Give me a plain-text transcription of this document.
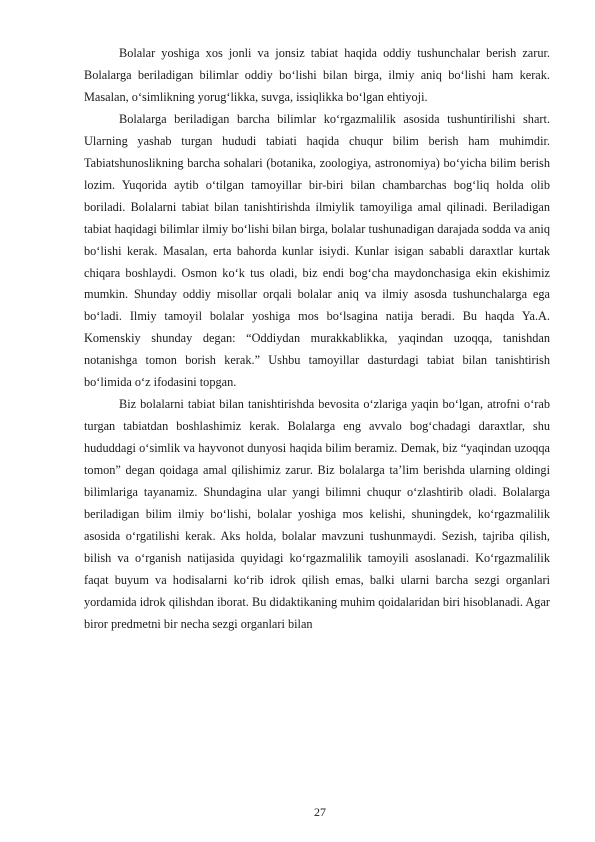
Bolalar yoshiga xos jonli va jonsiz tabiat haqida oddiy tushunchalar berish zarur. Bolalarga beriladigan bilimlar oddiy bo‘lishi bilan birga, ilmiy aniq bo‘lishi ham kerak. Masalan, o‘simlikning yorug‘likka, suvga, issiqlikka bo‘lgan ehtiyoji.

Bolalarga beriladigan barcha bilimlar ko‘rgazmalilik asosida tushuntirilishi shart. Ularning yashab turgan hududi tabiati haqida chuqur bilim berish ham muhimdir. Tabiatshunoslikning barcha sohalari (botanika, zoologiya, astronomiya) bo‘yicha bilim berish lozim. Yuqorida aytib o‘tilgan tamoyillar bir-biri bilan chambarchas bog‘liq holda olib boriladi. Bolalarni tabiat bilan tanishtirishda ilmiylik tamoyiliga amal qilinadi. Beriladigan tabiat haqidagi bilimlar ilmiy bo‘lishi bilan birga, bolalar tushunadigan darajada sodda va aniq bo‘lishi kerak. Masalan, erta bahorda kunlar isiydi. Kunlar isigan sababli daraxtlar kurtak chiqara boshlaydi. Osmon ko‘k tus oladi, biz endi bog‘cha maydonchasiga ekin ekishimiz mumkin. Shunday oddiy misollar orqali bolalar aniq va ilmiy asosda tushunchalarga ega bo‘ladi. Ilmiy tamoyil bolalar yoshiga mos bo‘lsagina natija beradi. Bu haqda Ya.A. Komenskiy shunday degan: “Oddiydan murakkablikka, yaqindan uzoqqa, tanishdan notanishga tomon borish kerak.” Ushbu tamoyillar dasturdagi tabiat bilan tanishtirish bo‘limida o‘z ifodasini topgan.

Biz bolalarni tabiat bilan tanishtirishda bevosita o‘zlariga yaqin bo‘lgan, atrofni o‘rab turgan tabiatdan boshlashimiz kerak. Bolalarga eng avvalo bog‘chadagi daraxtlar, shu hududdagi o‘simlik va hayvonot dunyosi haqida bilim beramiz. Demak, biz “yaqindan uzoqqa tomon” degan qoidaga amal qilishimiz zarur. Biz bolalarga ta’lim berishda ularning oldingi bilimlariga tayanamiz. Shundagina ular yangi bilimni chuqur o‘zlashtirib oladi. Bolalarga beriladigan bilim ilmiy bo‘lishi, bolalar yoshiga mos kelishi, shuningdek, ko‘rgazmalilik asosida o‘rgatilishi kerak. Aks holda, bolalar mavzuni tushunmaydi. Sezish, tajriba qilish, bilish va o‘rganish natijasida quyidagi ko‘rgazmalilik tamoyili asoslanadi. Ko‘rgazmalilik faqat buyum va hodisalarni ko‘rib idrok qilish emas, balki ularni barcha sezgi organlari yordamida idrok qilishdan iborat. Bu didaktikaning muhim qoidalaridan biri hisoblanadi. Agar biror predmetni bir necha sezgi organlari bilan

27
